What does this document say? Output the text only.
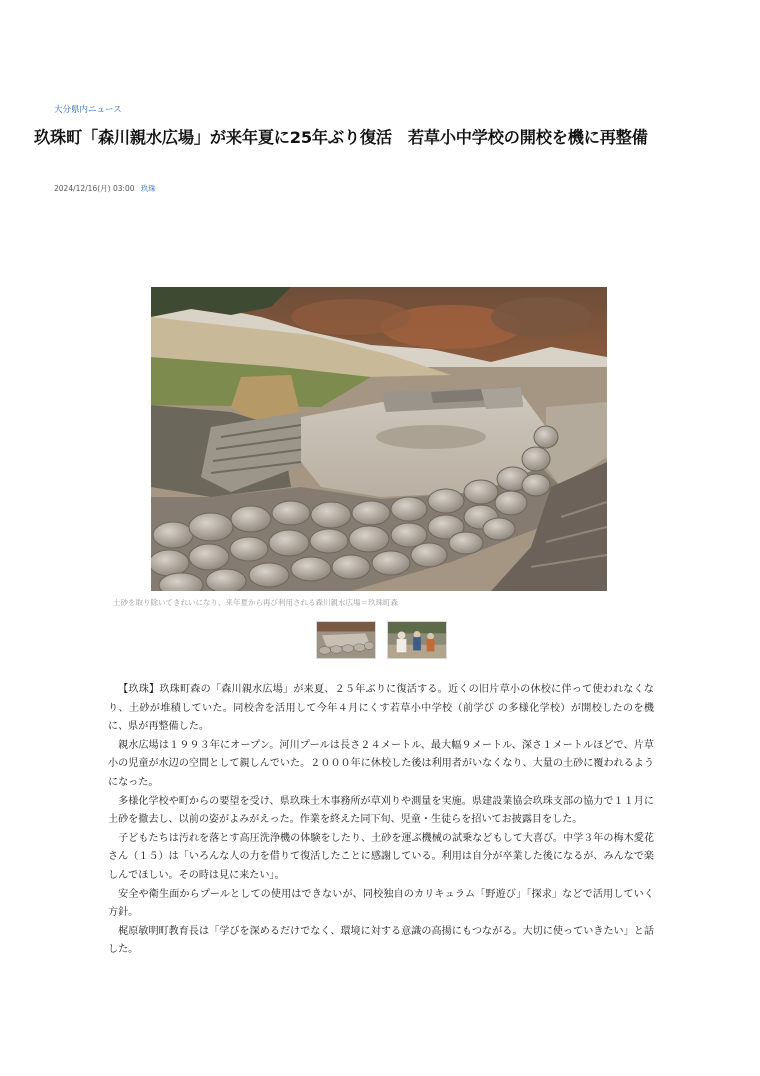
大分県内ニュース
玖珠町「森川親水広場」が来年夏に25年ぶり復活　若草小中学校の開校を機に再整備
2024/12/16(月) 03:00 玖珠
土砂を取り除いてきれいになり、来年夏から再び利用される森川親水広場＝玖珠町森

【玖珠】玖珠町森の「森川親水広場」が来夏、２５年ぶりに復活する。近くの旧片草小の休校に伴って使われなくなり、土砂が堆積していた。同校舎を活用して今年４月にくす若草小中学校（前学び の多様化学校）が開校したのを機に、県が再整備した。

親水広場は１９９３年にオープン。河川プールは長さ２４メートル、最大幅９メートル、深さ１メートルほどで、片草小の児童が水辺の空間として親しんでいた。２０００年に休校した後は利用者がいなくなり、大量の土砂に覆われるようになった。

多様化学校や町からの要望を受け、県玖珠土木事務所が草刈りや測量を実施。県建設業協会玖珠支部の協力で１１月に土砂を撤去し、以前の姿がよみがえった。作業を終えた同下旬、児童・生徒らを招いてお披露目をした。

子どもたちは汚れを落とす高圧洗浄機の体験をしたり、土砂を運ぶ機械の試乗などもして大喜び。中学３年の梅木愛花さん（１５）は「いろんな人の力を借りて復活したことに感謝している。利用は自分が卒業した後になるが、みんなで楽しんでほしい。その時は見に来たい」。

安全や衛生面からプールとしての使用はできないが、同校独自のカリキュラム「野遊び」「探求」などで活用していく方針。

梶原敏明町教育長は「学びを深めるだけでなく、環境に対する意識の高揚にもつながる。大切に使っていきたい」と話した。
